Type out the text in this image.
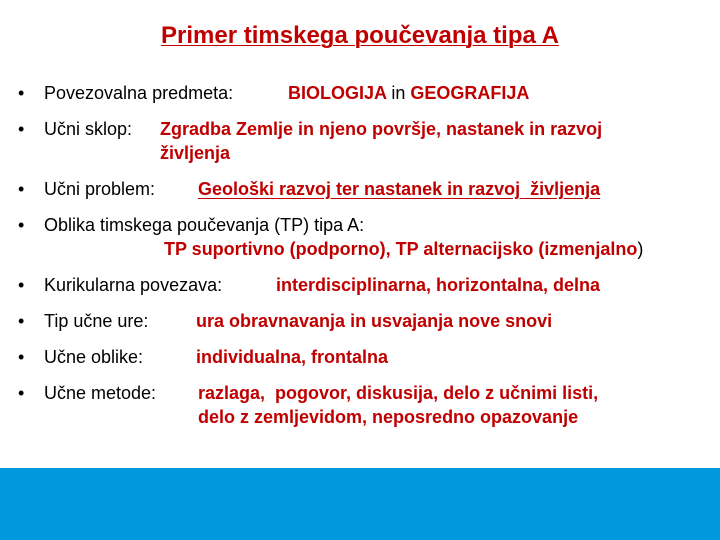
Primer timskega poučevanja tipa A
• Povezovalna predmeta:	BIOLOGIJA in GEOGRAFIJA
• Učni sklop: Zgradba Zemlje in njeno površje, nastanek in razvoj
življenja
• Učni problem: Geološki razvoj ter nastanek in razvoj  življenja
• Oblika timskega poučevanja (TP) tipa A:
TP suportivno (podporno), TP alternacijsko (izmenjalno)
• Kurikularna povezava:	interdisciplinarna, horizontalna, delna
• Tip učne ure:	ura obravnavanja in usvajanja nove snovi
• Učne oblike:	individualna, frontalna
• Učne metode: razlaga,  pogovor, diskusija, delo z učnimi listi,
delo z zemljevidom, neposredno opazovanje
